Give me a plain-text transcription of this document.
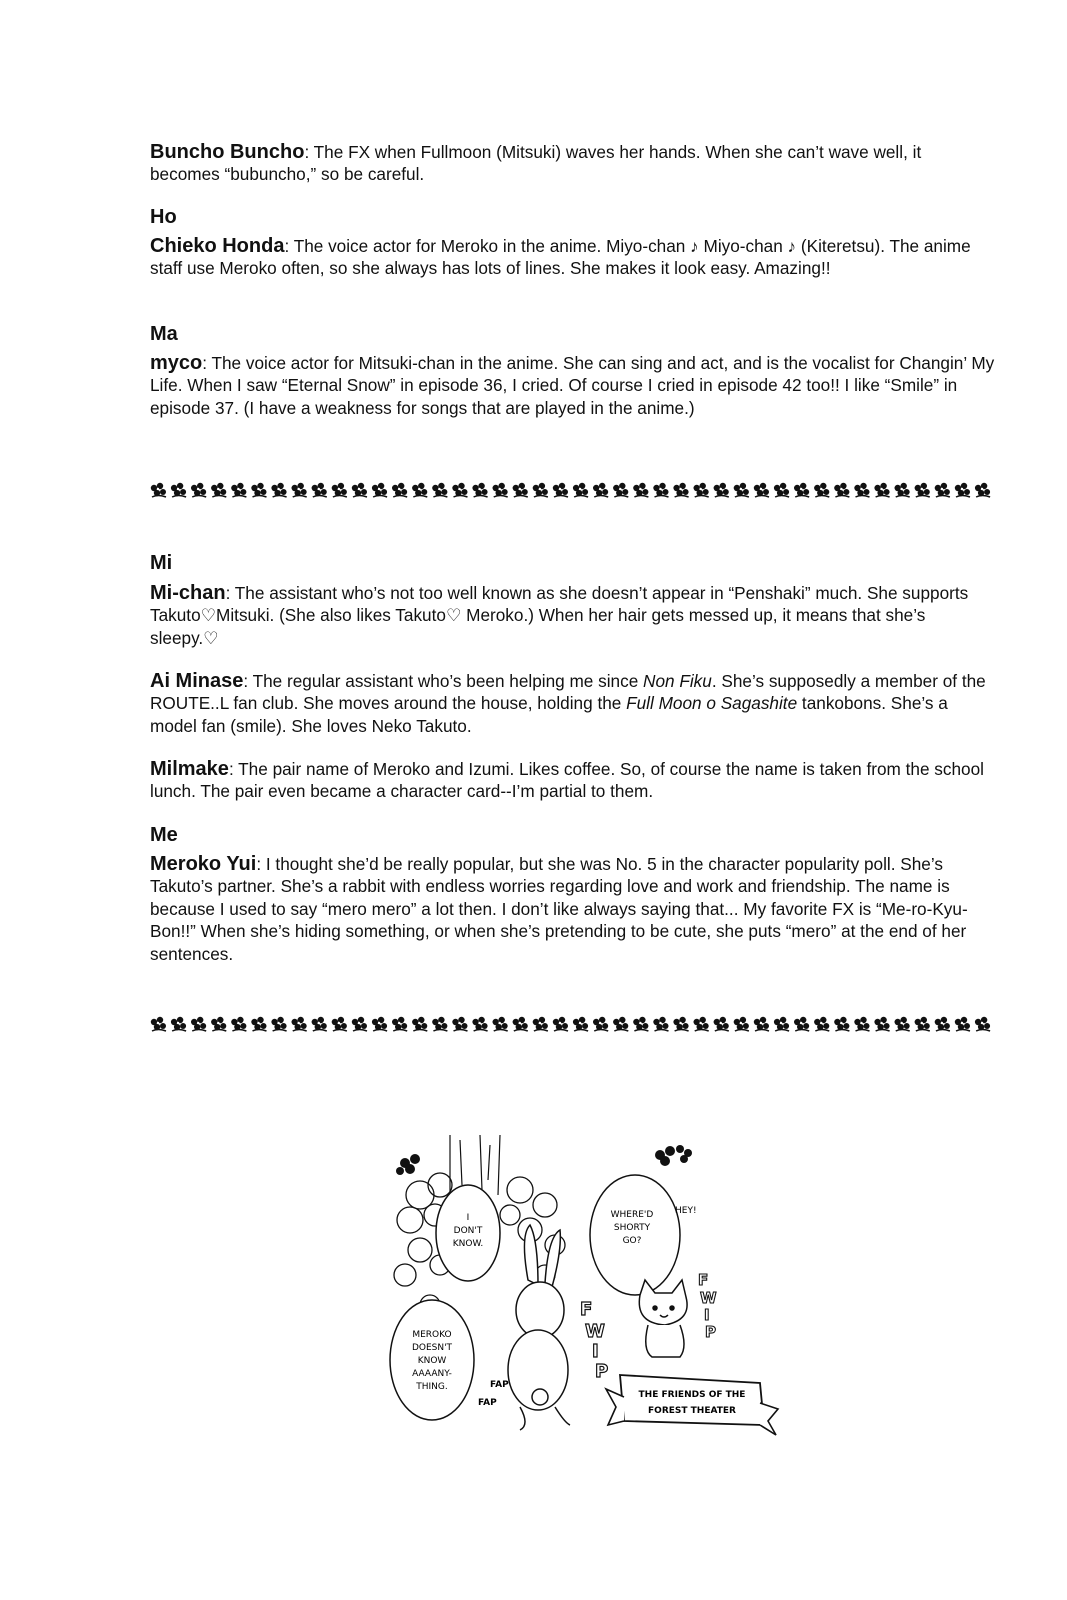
Buncho Buncho: The FX when Fullmoon (Mitsuki) waves her hands. When she can’t wave well, it becomes “bubuncho,” so be careful.

Ho

Chieko Honda: The voice actor for Meroko in the anime. Miyo-chan ♪ Miyo-chan ♪ (Kiteretsu). The anime staff use Meroko often, so she always has lots of lines. She makes it look easy. Amazing!!

Ma

myco: The voice actor for Mitsuki-chan in the anime. She can sing and act, and is the vocalist for Changin’ My Life. When I saw “Eternal Snow” in episode 36, I cried. Of course I cried in episode 42 too!! I like “Smile” in episode 37. (I have a weakness for songs that are played in the anime.)

Mi

Mi-chan: The assistant who’s not too well known as she doesn’t appear in “Penshaki” much. She supports Takuto♡Mitsuki. (She also likes Takuto♡ Meroko.) When her hair gets messed up, it means that she’s sleepy.♡

Ai Minase: The regular assistant who’s been helping me since Non Fiku. She’s supposedly a member of the ROUTE..L fan club. She moves around the house, holding the Full Moon o Sagashite tankobons. She’s a model fan (smile). She loves Neko Takuto.

Milmake: The pair name of Meroko and Izumi. Likes coffee. So, of course the name is taken from the school lunch. The pair even became a character card--I’m partial to them.

Me

Meroko Yui: I thought she’d be really popular, but she was No. 5 in the character popularity poll. She’s Takuto’s partner. She’s a rabbit with endless worries regarding love and work and friendship. The name is because I used to say “mero mero” a lot then. I don’t like always saying that... My favorite FX is “Me-ro-Kyu-Bon!!” When she’s hiding something, or when she’s pretending to be cute, she puts “mero” at the end of her sentences.

I
DON'T
KNOW.
MEROKO
DOESN'T
KNOW
AAAANY-
THING.
WHERE'D
SHORTY
GO?
HEY!
F
W
I
P
F
W
I
P
FAP
FAP
THE FRIENDS OF THE
FOREST THEATER
